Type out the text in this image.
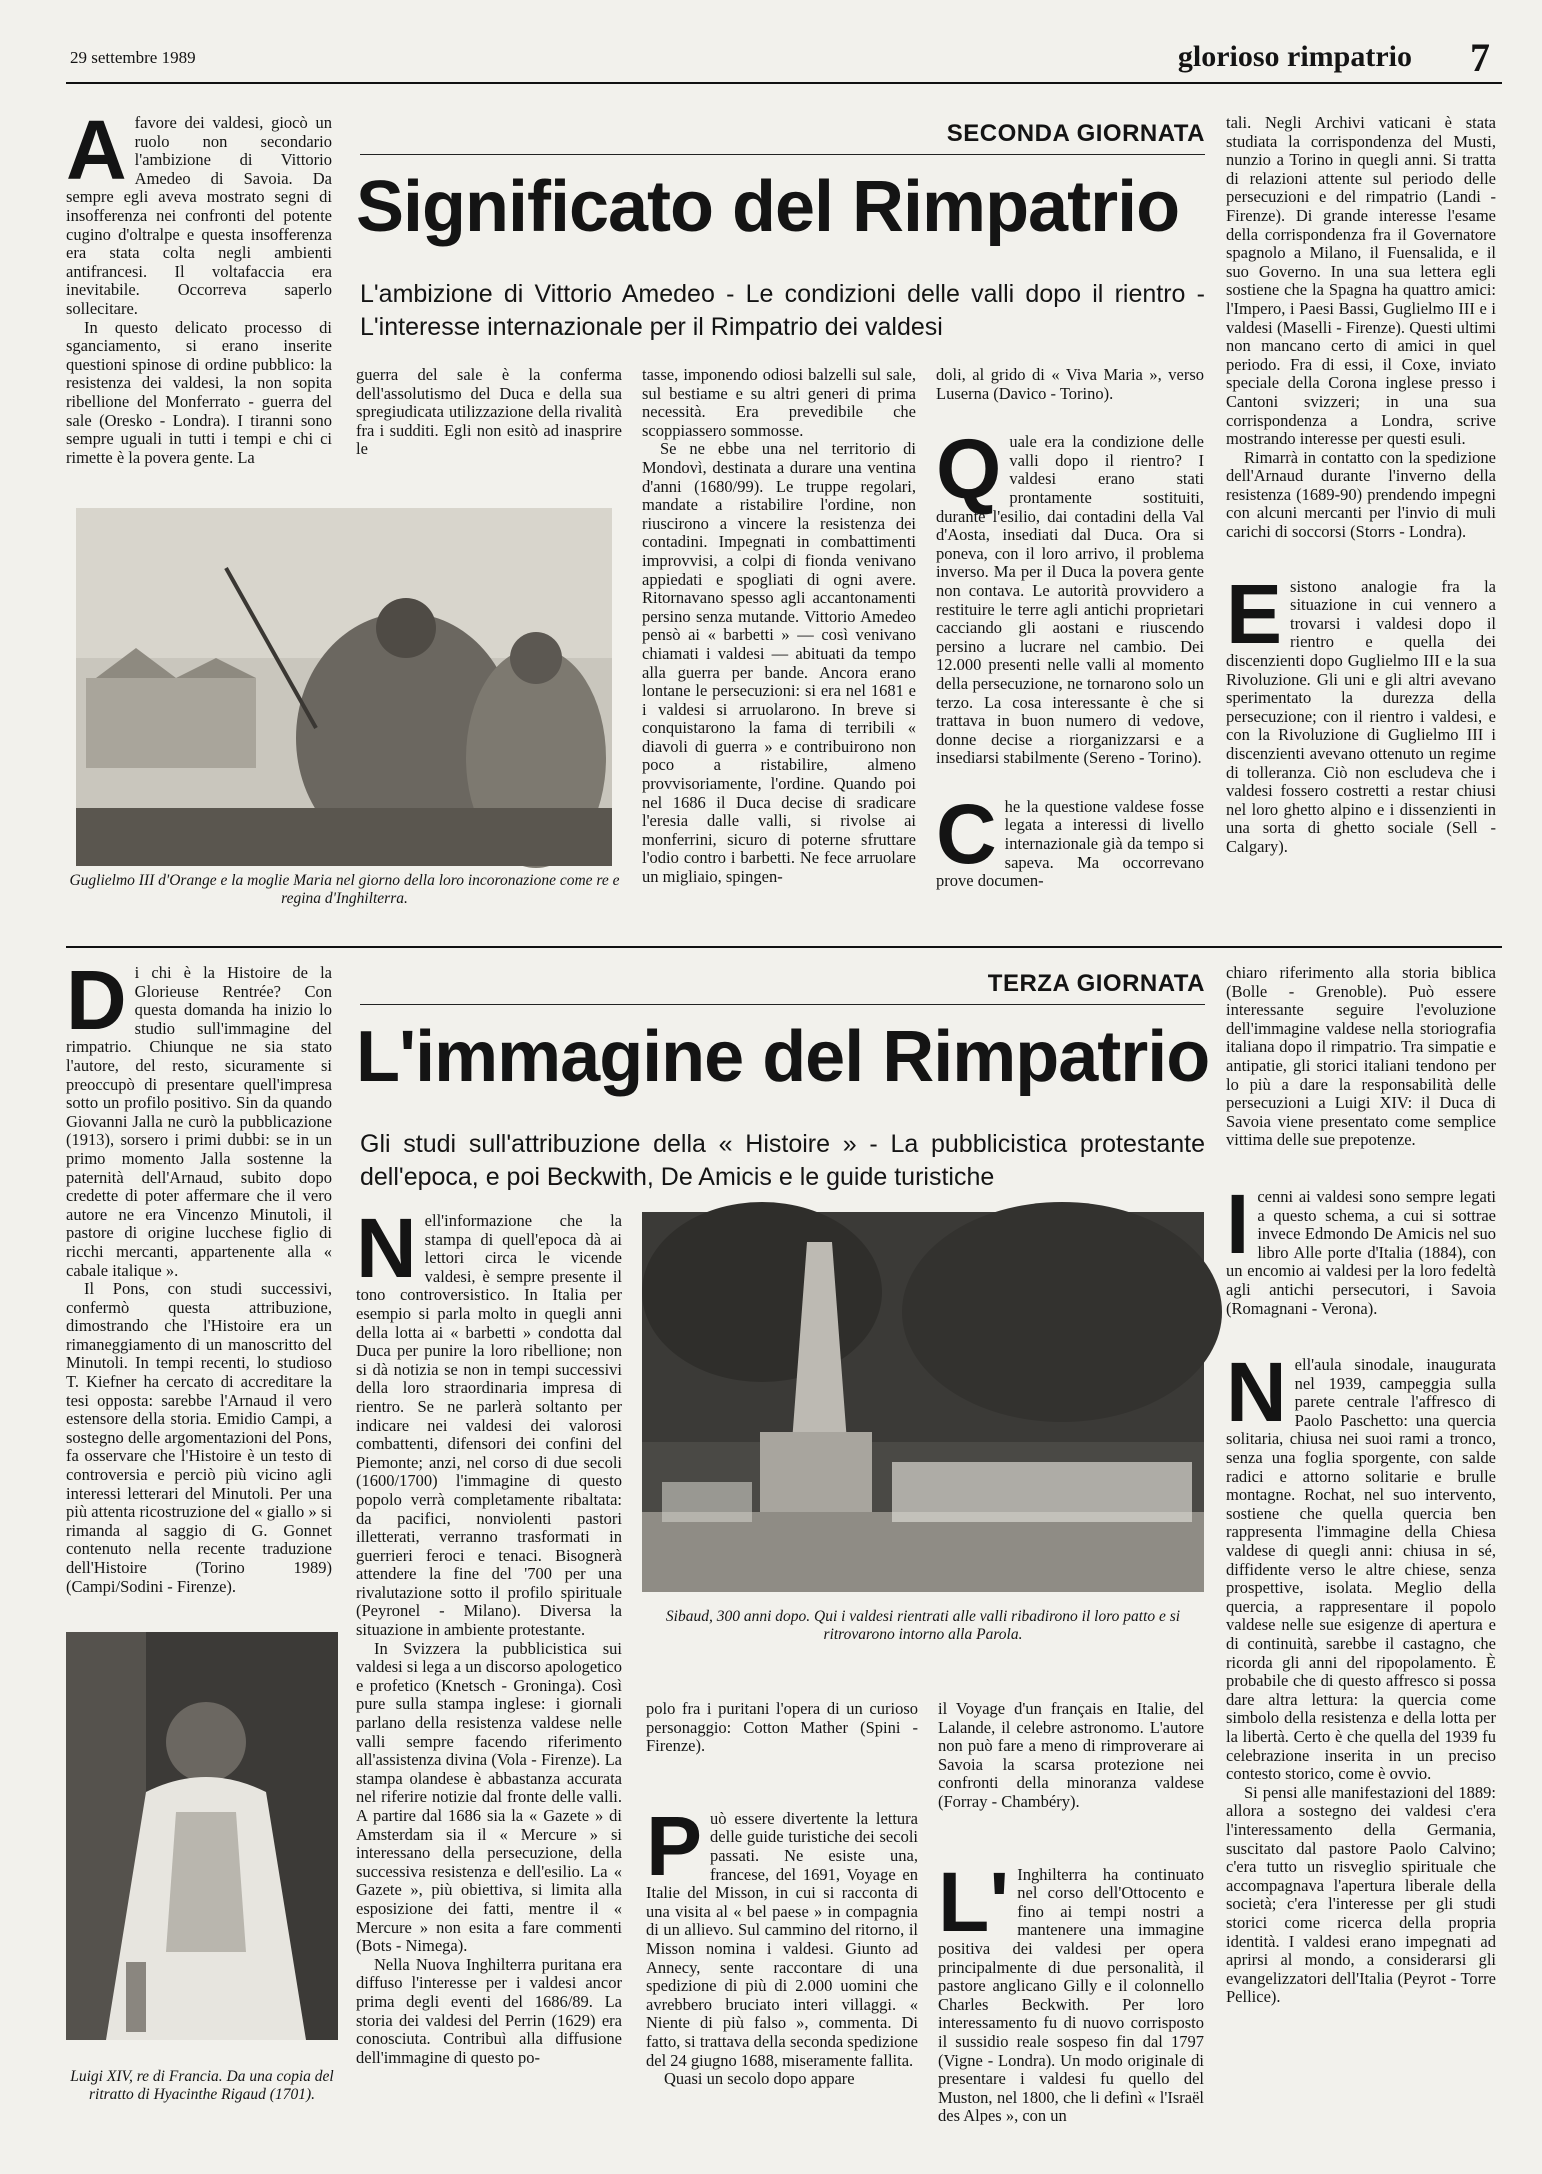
29 settembre 1989	glorioso rimpatrio 7
A favore dei valdesi, giocò un ruolo non secondario l'ambizione di Vittorio Amedeo di Savoia. Da sempre egli aveva mostrato segni di insofferenza nei confronti del potente cugino d'oltralpe e questa insofferenza era stata colta negli ambienti antifrancesi. Il voltafaccia era inevitabile. Occorreva saperlo sollecitare.

In questo delicato processo di sganciamento, si erano inserite questioni spinose di ordine pubblico: la resistenza dei valdesi, la non sopita ribellione del Monferrato - guerra del sale (Oresko - Londra). I tiranni sono sempre uguali in tutti i tempi e chi ci rimette è la povera gente. La

SECONDA GIORNATA
Significato del Rimpatrio
L'ambizione di Vittorio Amedeo - Le condizioni delle valli dopo il rientro - L'interesse internazionale per il Rimpatrio dei valdesi
Guglielmo III d'Orange e la moglie Maria nel giorno della loro incoronazione come re e regina d'Inghilterra.

guerra del sale è la conferma dell'assolutismo del Duca e della sua spregiudicata utilizzazione della rivalità fra i sudditi. Egli non esitò ad inasprire le

tasse, imponendo odiosi balzelli sul sale, sul bestiame e su altri generi di prima necessità. Era prevedibile che scoppiassero sommosse.

Se ne ebbe una nel territorio di Mondovì, destinata a durare una ventina d'anni (1680/99). Le truppe regolari, mandate a ristabilire l'ordine, non riuscirono a vincere la resistenza dei contadini. Impegnati in combattimenti improvvisi, a colpi di fionda venivano appiedati e spogliati di ogni avere. Ritornavano spesso agli accantonamenti persino senza mutande. Vittorio Amedeo pensò ai « barbetti » — così venivano chiamati i valdesi — abituati da tempo alla guerra per bande. Ancora erano lontane le persecuzioni: si era nel 1681 e i valdesi si arruolarono. In breve si conquistarono la fama di terribili « diavoli di guerra » e contribuirono non poco a ristabilire, almeno provvisoriamente, l'ordine. Quando poi nel 1686 il Duca decise di sradicare l'eresia dalle valli, si rivolse ai monferrini, sicuro di poterne sfruttare l'odio contro i barbetti. Ne fece arruolare un migliaio, spingen-

doli, al grido di « Viva Maria », verso Luserna (Davico - Torino).

Q uale era la condizione delle valli dopo il rientro? I valdesi erano stati prontamente sostituiti, durante l'esilio, dai contadini della Val d'Aosta, insediati dal Duca. Ora si poneva, con il loro arrivo, il problema inverso. Ma per il Duca la povera gente non contava. Le autorità provvidero a restituire le terre agli antichi proprietari cacciando gli aostani e riuscendo persino a lucrare nel cambio. Dei 12.000 presenti nelle valli al momento della persecuzione, ne tornarono solo un terzo. La cosa interessante è che si trattava in buon numero di vedove, donne decise a riorganizzarsi e a insediarsi stabilmente (Sereno - Torino).

C he la questione valdese fosse legata a interessi di livello internazionale già da tempo si sapeva. Ma occorrevano prove documen-

tali. Negli Archivi vaticani è stata studiata la corrispondenza del Musti, nunzio a Torino in quegli anni. Si tratta di relazioni attente sul periodo delle persecuzioni e del rimpatrio (Landi - Firenze). Di grande interesse l'esame della corrispondenza fra il Governatore spagnolo a Milano, il Fuensalida, e il suo Governo. In una sua lettera egli sostiene che la Spagna ha quattro amici: l'Impero, i Paesi Bassi, Guglielmo III e i valdesi (Maselli - Firenze). Questi ultimi non mancano certo di amici in quel periodo. Fra di essi, il Coxe, inviato speciale della Corona inglese presso i Cantoni svizzeri; in una sua corrispondenza a Londra, scrive mostrando interesse per questi esuli.

Rimarrà in contatto con la spedizione dell'Arnaud durante l'inverno della resistenza (1689-90) prendendo impegni con alcuni mercanti per l'invio di muli carichi di soccorsi (Storrs - Londra).

E sistono analogie fra la situazione in cui vennero a trovarsi i valdesi dopo il rientro e quella dei discenzienti dopo Guglielmo III e la sua Rivoluzione. Gli uni e gli altri avevano sperimentato la durezza della persecuzione; con il rientro i valdesi, e con la Rivoluzione di Guglielmo III i discenzienti avevano ottenuto un regime di tolleranza. Ciò non escludeva che i valdesi fossero costretti a restar chiusi nel loro ghetto alpino e i dissenzienti in una sorta di ghetto sociale (Sell - Calgary).

D i chi è la Histoire de la Glorieuse Rentrée? Con questa domanda ha inizio lo studio sull'immagine del rimpatrio. Chiunque ne sia stato l'autore, del resto, sicuramente si preoccupò di presentare quell'impresa sotto un profilo positivo. Sin da quando Giovanni Jalla ne curò la pubblicazione (1913), sorsero i primi dubbi: se in un primo momento Jalla sostenne la paternità dell'Arnaud, subito dopo credette di poter affermare che il vero autore ne era Vincenzo Minutoli, il pastore di origine lucchese figlio di ricchi mercanti, appartenente alla « cabale italique ».

Il Pons, con studi successivi, confermò questa attribuzione, dimostrando che l'Histoire era un rimaneggiamento di un manoscritto del Minutoli. In tempi recenti, lo studioso T. Kiefner ha cercato di accreditare la tesi opposta: sarebbe l'Arnaud il vero estensore della storia. Emidio Campi, a sostegno delle argomentazioni del Pons, fa osservare che l'Histoire è un testo di controversia e perciò più vicino agli interessi letterari del Minutoli. Per una più attenta ricostruzione del « giallo » si rimanda al saggio di G. Gonnet contenuto nella recente traduzione dell'Histoire (Torino 1989) (Campi/Sodini - Firenze).

TERZA GIORNATA
L'immagine del Rimpatrio
Gli studi sull'attribuzione della « Histoire » - La pubblicistica protestante dell'epoca, e poi Beckwith, De Amicis e le guide turistiche
N ell'informazione che la stampa di quell'epoca dà ai lettori circa le vicende valdesi, è sempre presente il tono controversistico. In Italia per esempio si parla molto in quegli anni della lotta ai « barbetti » condotta dal Duca per punire la loro ribellione; non si dà notizia se non in tempi successivi della loro straordinaria impresa di rientro. Se ne parlerà soltanto per indicare nei valdesi dei valorosi combattenti, difensori dei confini del Piemonte; anzi, nel corso di due secoli (1600/1700) l'immagine di questo popolo verrà completamente ribaltata: da pacifici, nonviolenti pastori illetterati, verranno trasformati in guerrieri feroci e tenaci. Bisognerà attendere la fine del '700 per una rivalutazione sotto il profilo spirituale (Peyronel - Milano). Diversa la situazione in ambiente protestante.

In Svizzera la pubblicistica sui valdesi si lega a un discorso apologetico e profetico (Knetsch - Groninga). Così pure sulla stampa inglese: i giornali parlano della resistenza valdese nelle valli sempre facendo riferimento all'assistenza divina (Vola - Firenze). La stampa olandese è abbastanza accurata nel riferire notizie dal fronte delle valli. A partire dal 1686 sia la « Gazete » di Amsterdam sia il « Mercure » si interessano della persecuzione, della successiva resistenza e dell'esilio. La « Gazete », più obiettiva, si limita alla esposizione dei fatti, mentre il « Mercure » non esita a fare commenti (Bots - Nimega).

Nella Nuova Inghilterra puritana era diffuso l'interesse per i valdesi ancor prima degli eventi del 1686/89. La storia dei valdesi del Perrin (1629) era conosciuta. Contribuì alla diffusione dell'immagine di questo po-

Sibaud, 300 anni dopo. Qui i valdesi rientrati alle valli ribadirono il loro patto e si ritrovarono intorno alla Parola.
Luigi XIV, re di Francia. Da una copia del ritratto di Hyacinthe Rigaud (1701).

polo fra i puritani l'opera di un curioso personaggio: Cotton Mather (Spini - Firenze).

P uò essere divertente la lettura delle guide turistiche dei secoli passati. Ne esiste una, francese, del 1691, Voyage en Italie del Misson, in cui si racconta di una visita al « bel paese » in compagnia di un allievo. Sul cammino del ritorno, il Misson nomina i valdesi. Giunto ad Annecy, sente raccontare di una spedizione di più di 2.000 uomini che avrebbero bruciato interi villaggi. « Niente di più falso », commenta. Di fatto, si trattava della seconda spedizione del 24 giugno 1688, miseramente fallita.

Quasi un secolo dopo appare

il Voyage d'un français en Italie, del Lalande, il celebre astronomo. L'autore non può fare a meno di rimproverare ai Savoia la scarsa protezione nei confronti della minoranza valdese (Forray - Chambéry).

L' Inghilterra ha continuato nel corso dell'Ottocento e fino ai tempi nostri a mantenere una immagine positiva dei valdesi per opera principalmente di due personalità, il pastore anglicano Gilly e il colonnello Charles Beckwith. Per loro interessamento fu di nuovo corrisposto il sussidio reale sospeso fin dal 1797 (Vigne - Londra). Un modo originale di presentare i valdesi fu quello del Muston, nel 1800, che li definì « l'Israël des Alpes », con un

chiaro riferimento alla storia biblica (Bolle - Grenoble). Può essere interessante seguire l'evoluzione dell'immagine valdese nella storiografia italiana dopo il rimpatrio. Tra simpatie e antipatie, gli storici italiani tendono per lo più a dare la responsabilità delle persecuzioni a Luigi XIV: il Duca di Savoia viene presentato come semplice vittima delle sue prepotenze.

I cenni ai valdesi sono sempre legati a questo schema, a cui si sottrae invece Edmondo De Amicis nel suo libro Alle porte d'Italia (1884), con un encomio ai valdesi per la loro fedeltà agli antichi persecutori, i Savoia (Romagnani - Verona).

N ell'aula sinodale, inaugurata nel 1939, campeggia sulla parete centrale l'affresco di Paolo Paschetto: una quercia solitaria, chiusa nei suoi rami a tronco, senza una foglia sporgente, con salde radici e attorno solitarie e brulle montagne. Rochat, nel suo intervento, sostiene che quella quercia ben rappresenta l'immagine della Chiesa valdese di quegli anni: chiusa in sé, diffidente verso le altre chiese, senza prospettive, isolata. Meglio della quercia, a rappresentare il popolo valdese nelle sue esigenze di apertura e di continuità, sarebbe il castagno, che ricorda gli anni del ripopolamento. È probabile che di questo affresco si possa dare altra lettura: la quercia come simbolo della resistenza e della lotta per la libertà. Certo è che quella del 1939 fu celebrazione inserita in un preciso contesto storico, come è ovvio.

Si pensi alle manifestazioni del 1889: allora a sostegno dei valdesi c'era l'interessamento della Germania, suscitato dal pastore Paolo Calvino; c'era tutto un risveglio spirituale che accompagnava l'apertura liberale della società; c'era l'interesse per gli studi storici come ricerca della propria identità. I valdesi erano impegnati ad aprirsi al mondo, a considerarsi gli evangelizzatori dell'Italia (Peyrot - Torre Pellice).
